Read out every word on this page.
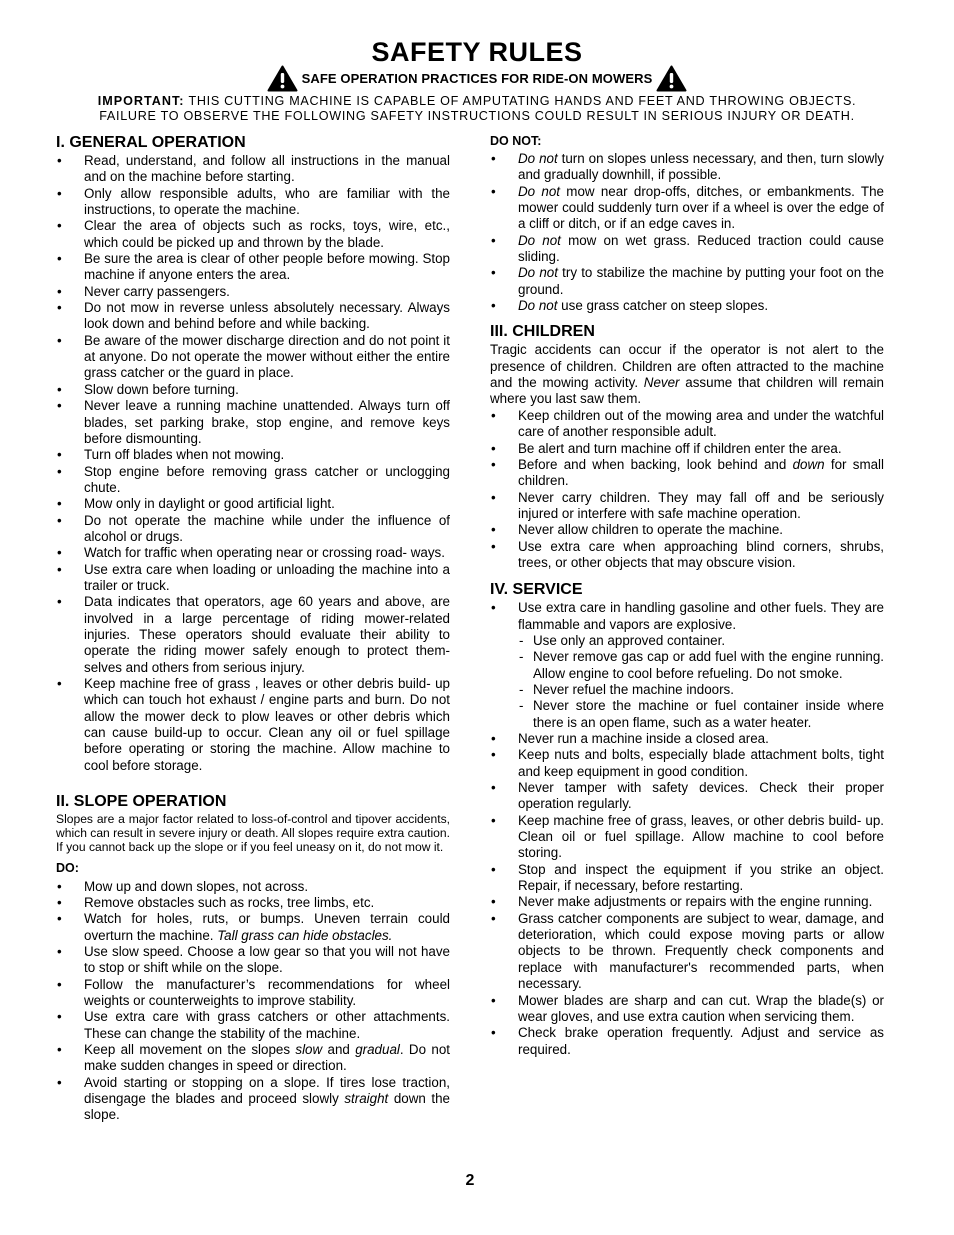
SAFETY RULES
SAFE OPERATION PRACTICES FOR RIDE-ON MOWERS
IMPORTANT: THIS CUTTING MACHINE IS CAPABLE OF AMPUTATING HANDS AND FEET AND THROWING OBJECTS.
FAILURE TO OBSERVE THE FOLLOWING SAFETY INSTRUCTIONS COULD RESULT IN SERIOUS INJURY OR DEATH.
I. GENERAL OPERATION
• Read, understand, and follow all instructions in the manual and on the machine before starting.
• Only allow responsible adults, who are familiar with the instructions, to operate the machine.
• Clear the area of objects such as rocks, toys, wire, etc., which could be picked up and thrown by the blade.
• Be sure the area is clear of other people before mowing. Stop machine if anyone enters the area.
• Never carry passengers.
• Do not mow in reverse unless absolutely necessary. Always look down and behind before and while backing.
• Be aware of the mower discharge direction and do not point it at anyone. Do not operate the mower without either the entire grass catcher or the guard in place.
• Slow down before turning.
• Never leave a running machine unattended. Always turn off blades, set parking brake, stop engine, and remove keys before dismounting.
• Turn off blades when not mowing.
• Stop engine before removing grass catcher or unclogging chute.
• Mow only in daylight or good artificial light.
• Do not operate the machine while under the influence of alcohol or drugs.
• Watch for traffic when operating near or crossing road- ways.
• Use extra care when loading or unloading the machine into a trailer or truck.
• Data indicates that operators, age 60 years and above, are involved in a large percentage of riding mower-related injuries. These operators should evaluate their ability to operate the riding mower safely enough to protect them- selves and others from serious injury.
• Keep machine free of grass , leaves or other debris build- up which can touch hot exhaust / engine parts and burn. Do not allow the mower deck to plow leaves or other debris which can cause build-up to occur. Clean any oil or fuel spillage before operating or storing the machine. Allow machine to cool before storage.
II. SLOPE OPERATION

Slopes are a major factor related to loss-of-control and tipover accidents, which can result in severe injury or death. All slopes require extra caution. If you cannot back up the slope or if you feel uneasy on it, do not mow it.

DO:
• Mow up and down slopes, not across.
• Remove obstacles such as rocks, tree limbs, etc.
• Watch for holes, ruts, or bumps. Uneven terrain could overturn the machine. Tall grass can hide obstacles.
• Use slow speed. Choose a low gear so that you will not have to stop or shift while on the slope.
• Follow the manufacturer’s recommendations for wheel weights or counterweights to improve stability.
• Use extra care with grass catchers or other attachments. These can change the stability of the machine.
• Keep all movement on the slopes slow and gradual. Do not make sudden changes in speed or direction.
• Avoid starting or stopping on a slope. If tires lose traction, disengage the blades and proceed slowly straight down the slope.
DO NOT:
• Do not turn on slopes unless necessary, and then, turn slowly and gradually downhill, if possible.
• Do not mow near drop-offs, ditches, or embankments. The mower could suddenly turn over if a wheel is over the edge of a cliff or ditch, or if an edge caves in.
• Do not mow on wet grass. Reduced traction could cause sliding.
• Do not try to stabilize the machine by putting your foot on the ground.
• Do not use grass catcher on steep slopes.
III. CHILDREN

Tragic accidents can occur if the operator is not alert to the presence of children. Children are often attracted to the machine and the mowing activity. Never assume that children will remain where you last saw them.

• Keep children out of the mowing area and under the watchful care of another responsible adult.
• Be alert and turn machine off if children enter the area.
• Before and when backing, look behind and down for small children.
• Never carry children. They may fall off and be seriously injured or interfere with safe machine operation.
• Never allow children to operate the machine.
• Use extra care when approaching blind corners, shrubs, trees, or other objects that may obscure vision.
IV. SERVICE
• Use extra care in handling gasoline and other fuels. They are flammable and vapors are explosive.
- Use only an approved container.
- Never remove gas cap or add fuel with the engine running. Allow engine to cool before refueling. Do not smoke.
- Never refuel the machine indoors.
- Never store the machine or fuel container inside where there is an open flame, such as a water heater.
• Never run a machine inside a closed area.
• Keep nuts and bolts, especially blade attachment bolts, tight and keep equipment in good condition.
• Never tamper with safety devices. Check their proper operation regularly.
• Keep machine free of grass, leaves, or other debris build- up. Clean oil or fuel spillage. Allow machine to cool before storing.
• Stop and inspect the equipment if you strike an object. Repair, if necessary, before restarting.
• Never make adjustments or repairs with the engine running.
• Grass catcher components are subject to wear, damage, and deterioration, which could expose moving parts or allow objects to be thrown. Frequently check components and replace with manufacturer's recommended parts, when necessary.
• Mower blades are sharp and can cut. Wrap the blade(s) or wear gloves, and use extra caution when servicing them.
• Check brake operation frequently. Adjust and service as required.
2
